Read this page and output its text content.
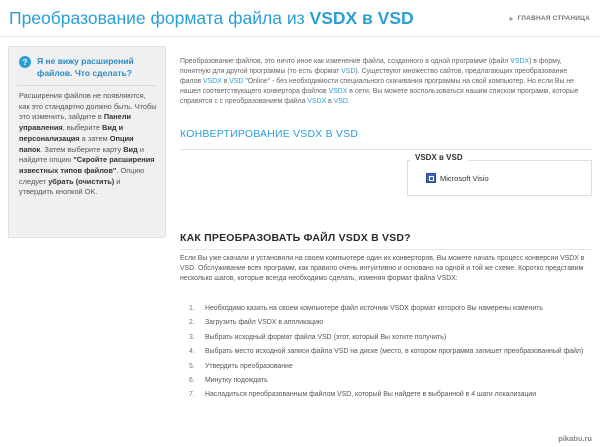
Преобразование формата файла из VSDX в VSD	▸ ГЛАВНАЯ СТРАНИЦА
? Я не вижу расширений файлов. Что сделать?
Расширения файлов не появляются, как это стандартно должно быть. Чтобы это изменить, зайдите в Панели управления, выберите Вид и персонализация а затем Опции папок. Затем выберите карту Вид и найдите опцию "Скройте расширения известных типов файлов". Опцию следует убрать (очистить) и утвердить кнопкой OK.
Преобразование файлов, это ничто иное как изменение файла, созданного в одной программе (файл VSDX) в форму, понятную для другой программы (то есть формат VSD). Существуют множество сайтов, предлагающих преобразование фалов VSDX в VSD "Online" - без необходимости специального скачивания программы на свой компьютер. Но если Вы не нашел соответствующего конвертора файлов VSDX в сети, Вы можете воспользоваться нашим списком программ, которые справятся с с преобразованием файла VSDX в VSD.
КОНВЕРТИРОВАНИЕ VSDX В VSD
VSDX в VSD
Microsoft Visio
КАК ПРЕОБРАЗОВАТЬ ФАЙЛ VSDX В VSD?
Если Вы уже скачали и установили на своем компьютере один их конверторов, Вы можете начать процесс конверсии VSDX в VSD. Обслуживание всех программ, как правило очень интуитивно и основано на одной и той же схеме. Коротко представим несколько шагов, которые всегда необходимо сделать, изменяя формат файла VSDX:
1.	Необходимо казать на своем компьютере файл источник VSDX формат которого Вы намерены изменить
2.	Загрузить файл VSDX в аппликацию
3.	Выбрать исходный формат файла VSD (этот, который Вы хотите получить)
4.	Выбрать место исходной записи файла VSD на диске (место, в котором программа запишет преобразованный файл)
5.	Утвердить преобразование
6.	Минутку подождать
7.	Насладиться преобразованным файлом VSD, который Вы найдете в выбранной в 4 шаги локализации
pikabu.ru
